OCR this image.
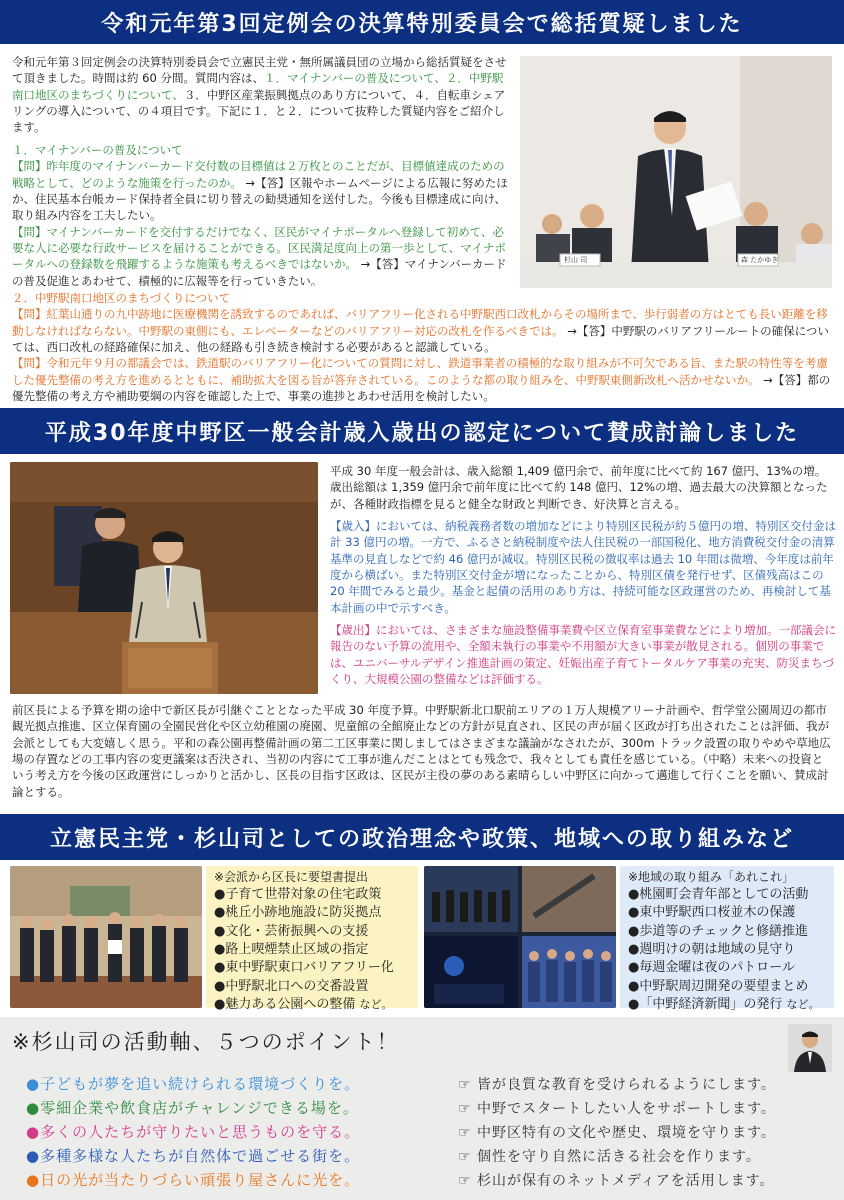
令和元年第3回定例会の決算特別委員会で総括質疑しました
令和元年第３回定例会の決算特別委員会で立憲民主党・無所属議員団の立場から総括質疑をさせて頂きました。時間は約 60 分間。質問内容は、１．マイナンバーの普及について、２．中野駅南口地区のまちづくりについて、３．中野区産業振興拠点のあり方について、４．自転車シェアリングの導入について、の４項目です。下記に１．と２．について抜粋した質疑内容をご紹介します。
１．マイナンバーの普及について
【問】昨年度のマイナンバーカード交付数の目標値は２万枚とのことだが、目標値達成のための戦略として、どのような施策を行ったのか。 →【答】区報やホームページによる広報に努めたほか、住民基本台帳カード保持者全員に切り替えの勧奨通知を送付した。今後も目標達成に向け、取り組み内容を工夫したい。
【問】マイナンバーカードを交付するだけでなく、区民がマイナポータルへ登録して初めて、必要な人に必要な行政サービスを届けることができる。区民満足度向上の第一歩として、マイナポータルへの登録数を飛躍するような施策も考えるべきではないか。 →【答】マイナンバーカードの普及促進とあわせて、積極的に広報等を行っていきたい。
杉山 司	森 たかゆき
２．中野駅南口地区のまちづくりについて
【問】紅葉山通りの九中跡地に医療機関を誘致するのであれば、バリアフリー化される中野駅西口改札からその場所まで、歩行弱者の方はとても長い距離を移動しなければならない。中野駅の東側にも、エレベーターなどのバリアフリー対応の改札を作るべきでは。 →【答】中野駅のバリアフリールートの確保については、西口改札の経路確保に加え、他の経路も引き続き検討する必要があると認識している。
【問】令和元年９月の都議会では、鉄道駅のバリアフリー化についての質問に対し、鉄道事業者の積極的な取り組みが不可欠である旨、また駅の特性等を考慮した優先整備の考え方を進めるとともに、補助拡大を図る旨が答弁されている。このような都の取り組みを、中野駅東側新改札へ活かせないか。 →【答】都の優先整備の考え方や補助要綱の内容を確認した上で、事業の進捗とあわせ活用を検討したい。
平成30年度中野区一般会計歳入歳出の認定について賛成討論しました
平成 30 年度一般会計は、歳入総額 1,409 億円余で、前年度に比べて約 167 億円、13%の増。歳出総額は 1,359 億円余で前年度に比べて約 148 億円、12%の増、過去最大の決算額となったが、各種財政指標を見ると健全な財政と判断でき、好決算と言える。
【歳入】においては、納税義務者数の増加などにより特別区民税が約５億円の増、特別区交付金は計 33 億円の増。一方で、ふるさと納税制度や法人住民税の一部国税化、地方消費税交付金の清算基準の見直しなどで約 46 億円が減収。特別区民税の徴収率は過去 10 年間は微増、今年度は前年度から横ばい。また特別区交付金が増になったことから、特別区債を発行せず、区債残高はこの 20 年間でみると最少。基金と起債の活用のあり方は、持続可能な区政運営のため、再検討して基本計画の中で示すべき。
【歳出】においては、さまざまな施設整備事業費や区立保育室事業費などにより増加。一部議会に報告のない予算の流用や、全額未執行の事業や不用額が大きい事業が散見される。個別の事業では、ユニバーサルデザイン推進計画の策定、妊娠出産子育てトータルケア事業の充実、防災まちづくり、大規模公園の整備などは評価する。
前区長による予算を期の途中で新区長が引継ぐこととなった平成 30 年度予算。中野駅新北口駅前エリアの１万人規模アリーナ計画や、哲学堂公園周辺の都市観光拠点推進、区立保育園の全園民営化や区立幼稚園の廃園、児童館の全館廃止などの方針が見直され、区民の声が届く区政が打ち出されたことは評価、我が会派としても大変嬉しく思う。平和の森公園再整備計画の第二工区事業に関しましてはさまざまな議論がなされたが、300m トラック設置の取りやめや草地広場の存置などの工事内容の変更議案は否決され、当初の内容にて工事が進んだことはとても残念で、我々としても責任を感じている。（中略）未来への投資という考え方を今後の区政運営にしっかりと活かし、区長の目指す区政は、区民が主役の夢のある素晴らしい中野区に向かって邁進して行くことを願い、賛成討論とする。
立憲民主党・杉山司としての政治理念や政策、地域への取り組みなど
※会派から区長に要望書提出
●子育て世帯対象の住宅政策
●桃丘小跡地施設に防災拠点
●文化・芸術振興への支援
●路上喫煙禁止区域の指定
●東中野駅東口バリアフリー化
●中野駅北口への交番設置
●魅力ある公園への整備 など。
※地域の取り組み「あれこれ」
●桃園町会青年部としての活動
●東中野駅西口桜並木の保護
●歩道等のチェックと修繕推進
●週明けの朝は地域の見守り
●毎週金曜は夜のパトロール
●中野駅周辺開発の要望まとめ
●「中野経済新聞」の発行 など。
※杉山司の活動軸、５つのポイント！
●子どもが夢を追い続けられる環境づくりを。	☞ 皆が良質な教育を受けられるようにします。
●零細企業や飲食店がチャレンジできる場を。	☞ 中野でスタートしたい人をサポートします。
●多くの人たちが守りたいと思うものを守る。	☞ 中野区特有の文化や歴史、環境を守ります。
●多種多様な人たちが自然体で過ごせる街を。	☞ 個性を守り自然に活きる社会を作ります。
●日の光が当たりづらい頑張り屋さんに光を。	☞ 杉山が保有のネットメディアを活用します。
